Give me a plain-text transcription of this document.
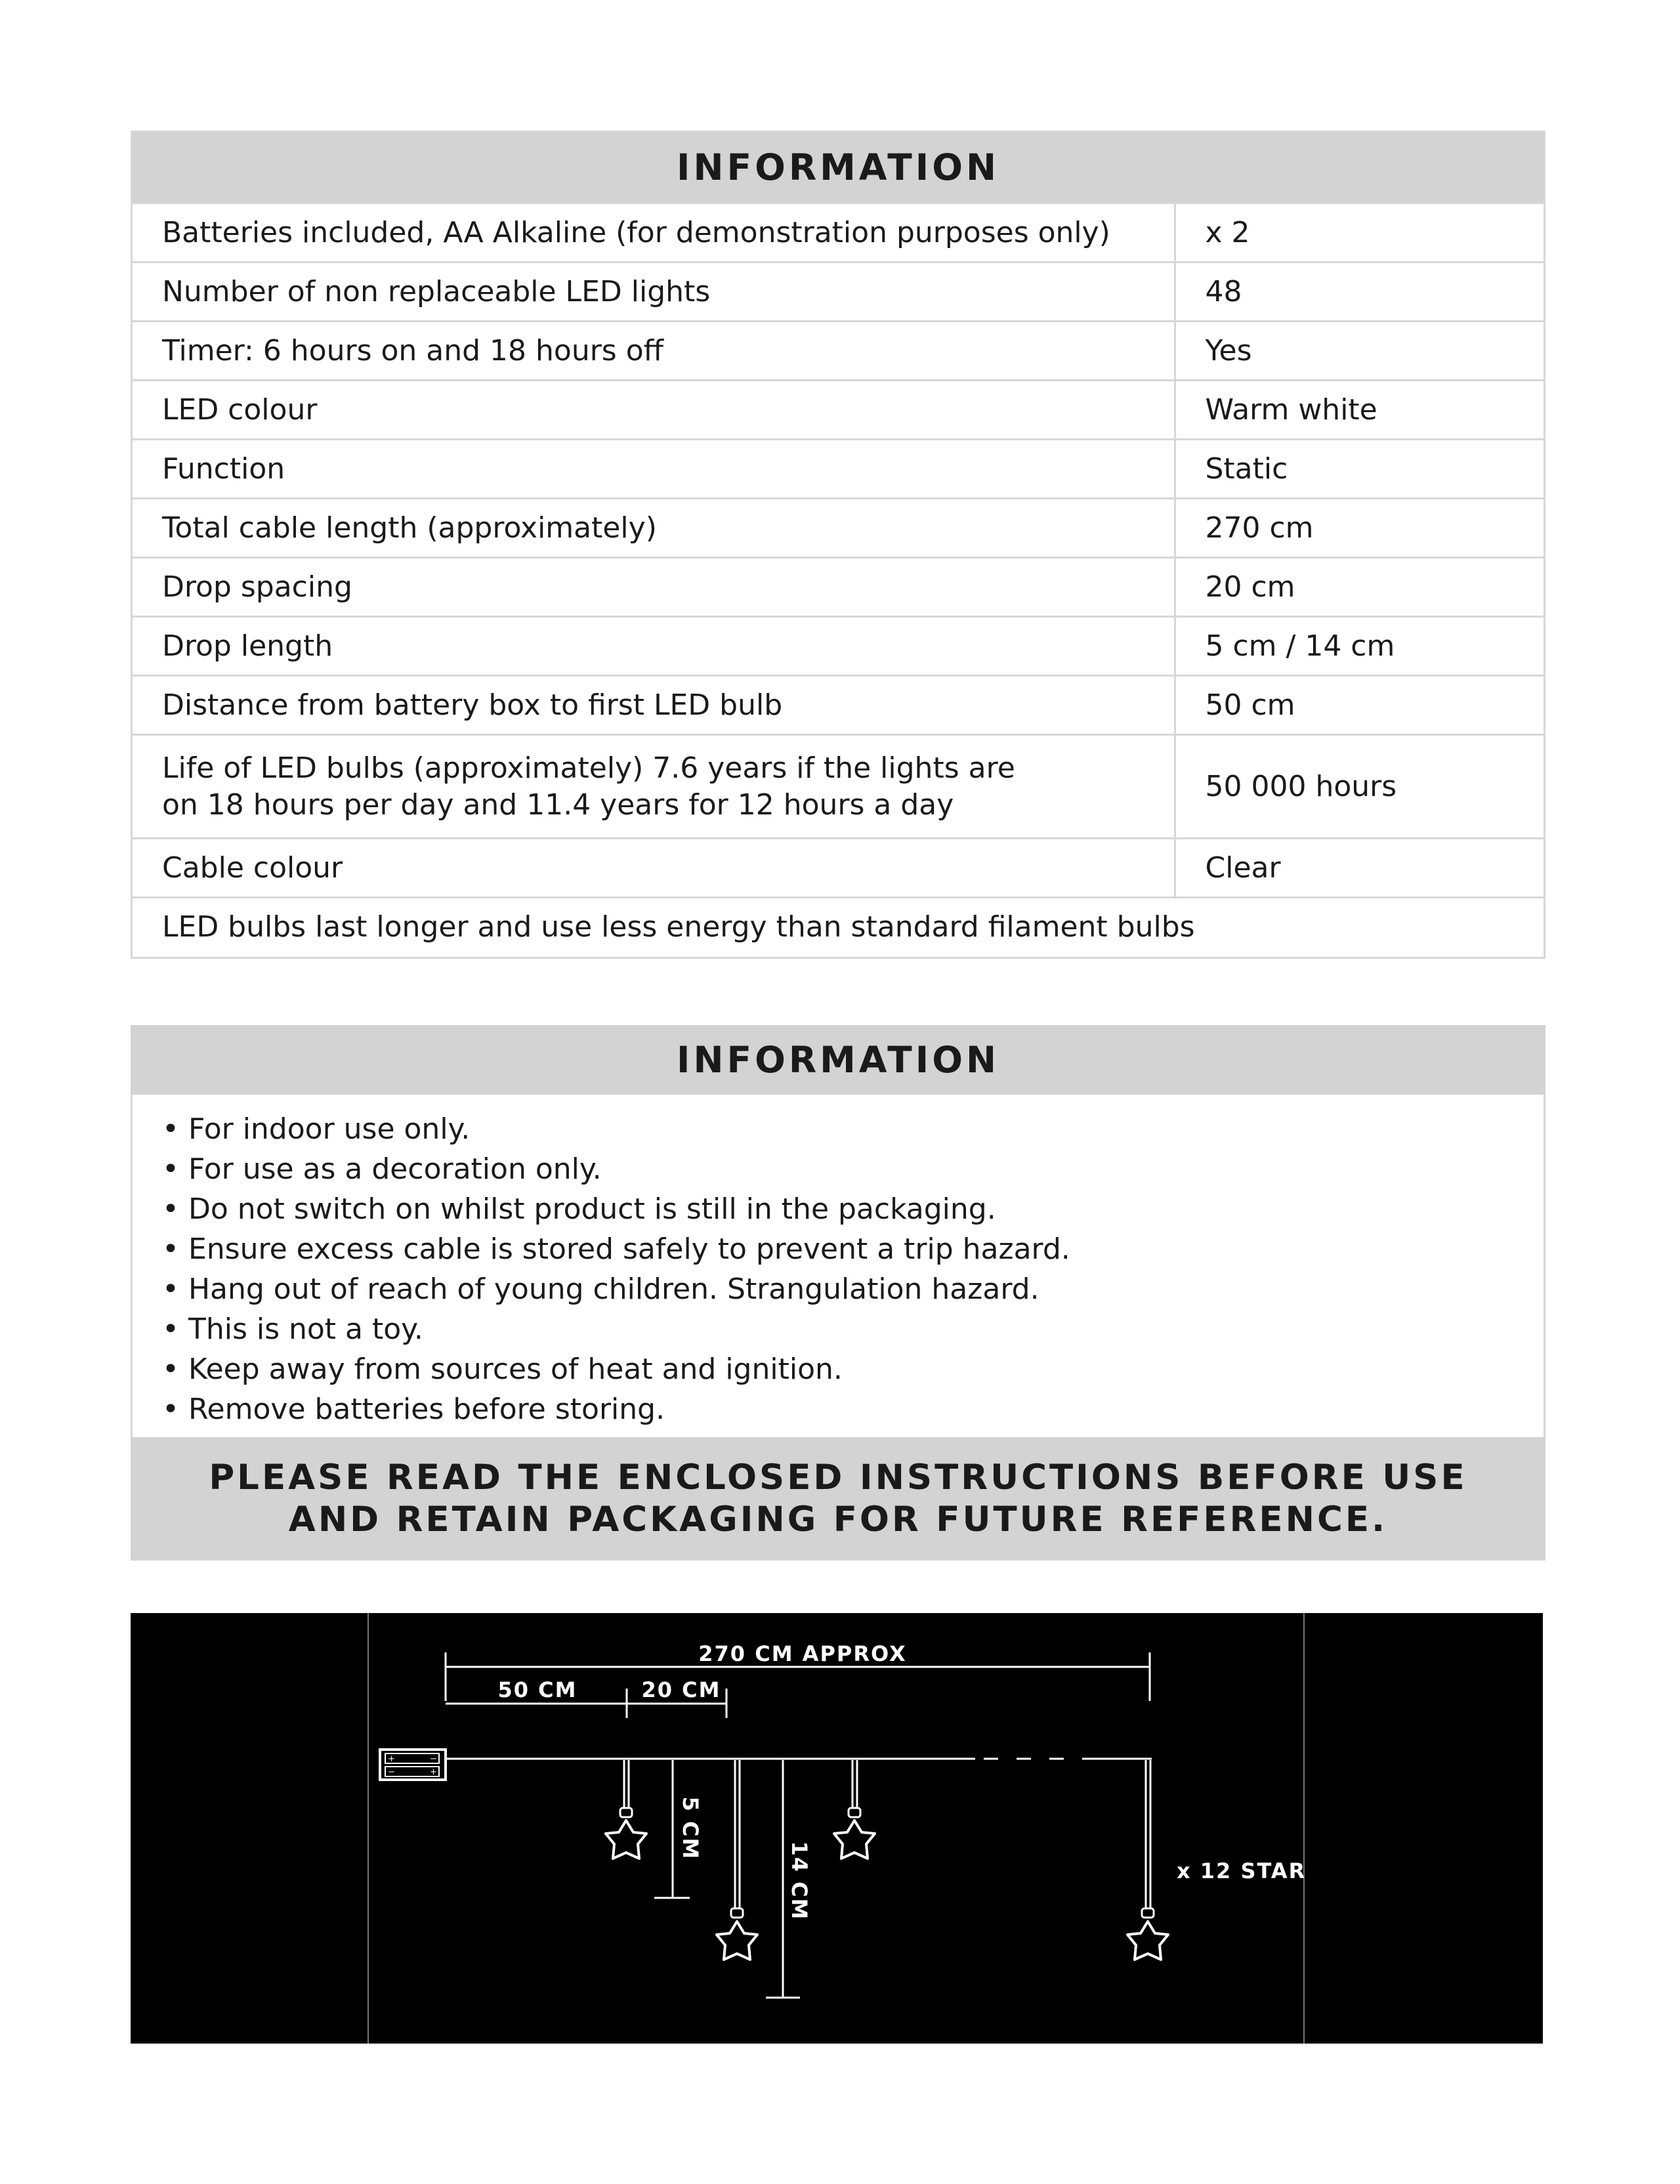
INFORMATION
Batteries included, AA Alkaline (for demonstration purposes only)	x 2
Number of non replaceable LED lights	48
Timer: 6 hours on and 18 hours off	Yes
LED colour	Warm white
Function	Static
Total cable length (approximately)	270 cm
Drop spacing	20 cm
Drop length	5 cm / 14 cm
Distance from battery box to first LED bulb	50 cm

Life of LED bulbs (approximately) 7.6 years if the lights are
on 18 hours per day and 11.4 years for 12 hours a day	50 000 hours
Cable colour	Clear
LED bulbs last longer and use less energy than standard filament bulbs	
INFORMATION
• For indoor use only.
• For use as a decoration only.
• Do not switch on whilst product is still in the packaging.
• Ensure excess cable is stored safely to prevent a trip hazard.
• Hang out of reach of young children. Strangulation hazard.
• This is not a toy.
• Keep away from sources of heat and ignition.
• Remove batteries before storing.
PLEASE READ THE ENCLOSED INSTRUCTIONS BEFORE USE
AND RETAIN PACKAGING FOR FUTURE REFERENCE.
+	−
−	+
270 CM APPROX
50 CM	20 CM
5 CM
14 CM	x 12 STAR
